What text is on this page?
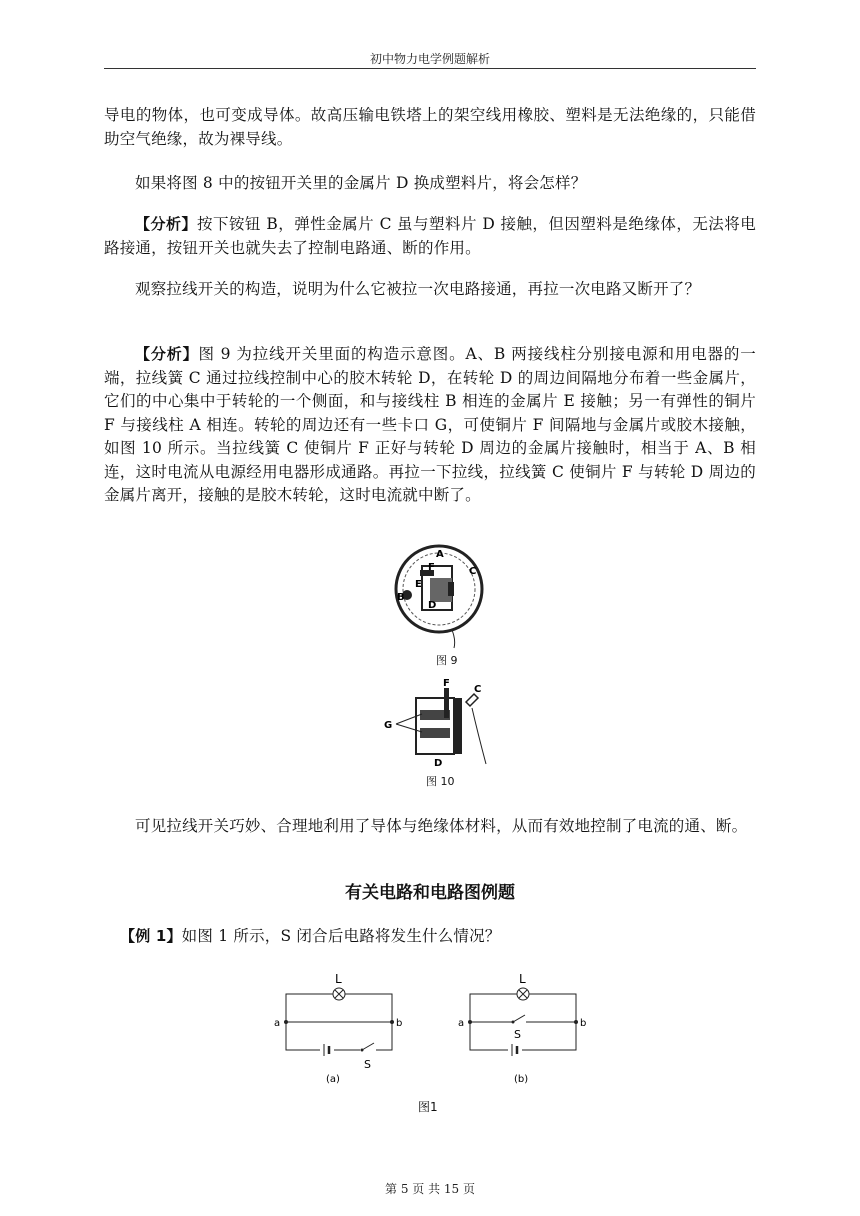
初中物力电学例题解析

导电的物体，也可变成导体。故高压输电铁塔上的架空线用橡胶、塑料是无法绝缘的，只能借助空气绝缘，故为裸导线。

如果将图 8 中的按钮开关里的金属片 D 换成塑料片，将会怎样？

【分析】按下铵钮 B，弹性金属片 C 虽与塑料片 D 接触，但因塑料是绝缘体，无法将电路接通，按钮开关也就失去了控制电路通、断的作用。

观察拉线开关的构造，说明为什么它被拉一次电路接通，再拉一次电路又断开了？

【分析】图 9 为拉线开关里面的构造示意图。A、B 两接线柱分别接电源和用电器的一端，拉线簧 C 通过拉线控制中心的胶木转轮 D，在转轮 D 的周边间隔地分布着一些金属片，它们的中心集中于转轮的一个侧面，和与接线柱 B 相连的金属片 E 接触；另一有弹性的铜片 F 与接线柱 A 相连。转轮的周边还有一些卡口 G，可使铜片 F 间隔地与金属片或胶木接触，如图 10 所示。当拉线簧 C 使铜片 F 正好与转轮 D 周边的金属片接触时，相当于 A、B 相连，这时电流从电源经用电器形成通路。再拉一下拉线，拉线簧 C 使铜片 F 与转轮 D 周边的金属片离开，接触的是胶木转轮，这时电流就中断了。

A
B
C
D
E
F
图 9
F
C
G
D
图 10

可见拉线开关巧妙、合理地利用了导体与绝缘体材料，从而有效地控制了电流的通、断。

有关电路和电路图例题

【例 1】如图 1 所示，S 闭合后电路将发生什么情况？

L
a	b
S
(a)
L
a	b
S
(b)
图1
第 5 页 共 15 页
